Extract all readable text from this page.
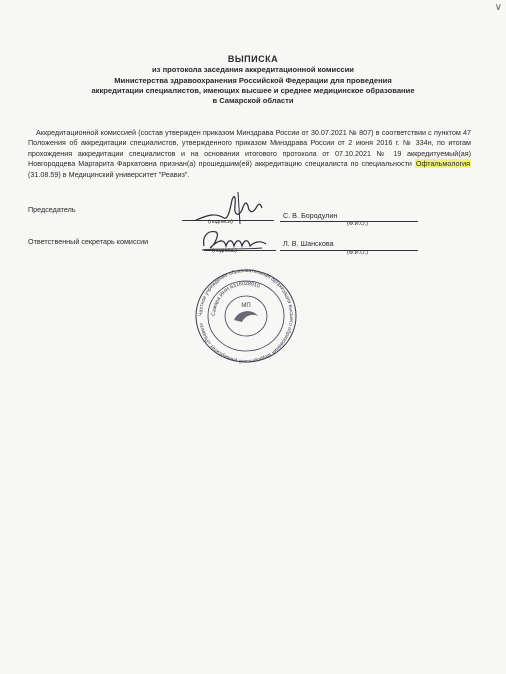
∨
ВЫПИСКА
из протокола заседания аккредитационной комиссии
Министерства здравоохранения Российской Федерации для проведения
аккредитации специалистов, имеющих высшее и среднее медицинское образование
в Самарской области
Аккредитационной комиссией (состав утвержден приказом Минздрава России от 30.07.2021 № 807) в соответствии с пунктом 47 Положения об аккредитации специалистов, утвержденного приказом Минздрава России от 2 июня 2016 г. № 334н, по итогам прохождения аккредитации специалистов и на основании итогового протокола от 07.10.2021 № 19 аккредитуемый(ая) Новгородцева Маргарита Фархатовна признан(а) прошедшим(ей) аккредитацию специалиста по специальности Офтальмология (31.08.59) в Медицинский университет "Реавиз".
Председатель
(подпись)
С. В. Бородулин
(Ф.И.О.)
Ответственный секретарь комиссии
(подпись)
Л. В. Шанскова
(Ф.И.О.)
Частное учреждение образовательная организация высшего образования Медицинский университет «Реавиз»
Самара ИНН 6316028910
МП
